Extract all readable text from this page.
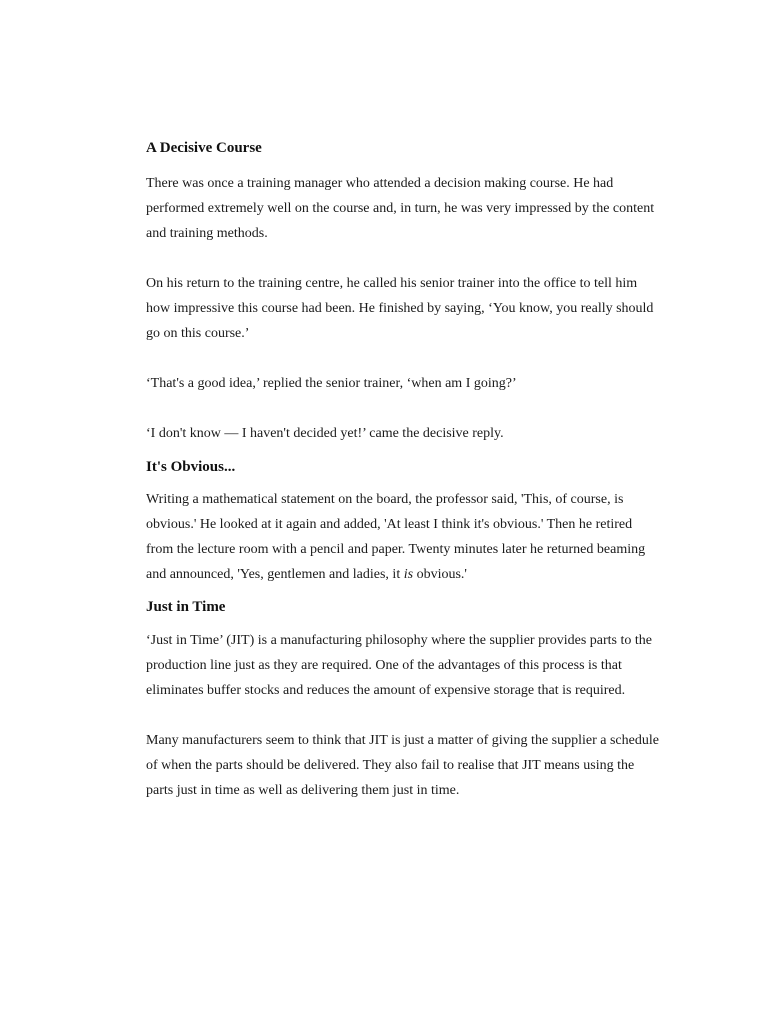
A Decisive Course

There was once a training manager who attended a decision making course. He had performed extremely well on the course and, in turn, he was very impressed by the content and training methods.

On his return to the training centre, he called his senior trainer into the office to tell him how impressive this course had been. He finished by saying, ‘You know, you really should go on this course.’

‘That's a good idea,’ replied the senior trainer, ‘when am I going?’

‘I don't know — I haven't decided yet!’ came the decisive reply.

It's Obvious...

Writing a mathematical statement on the board, the professor said, 'This, of course, is obvious.' He looked at it again and added, 'At least I think it's obvious.' Then he retired from the lecture room with a pencil and paper. Twenty minutes later he returned beaming and announced, 'Yes, gentlemen and ladies, it is obvious.'

Just in Time

‘Just in Time’ (JIT) is a manufacturing philosophy where the supplier provides parts to the production line just as they are required. One of the advantages of this process is that eliminates buffer stocks and reduces the amount of expensive storage that is required.

Many manufacturers seem to think that JIT is just a matter of giving the supplier a schedule of when the parts should be delivered. They also fail to realise that JIT means using the parts just in time as well as delivering them just in time.
